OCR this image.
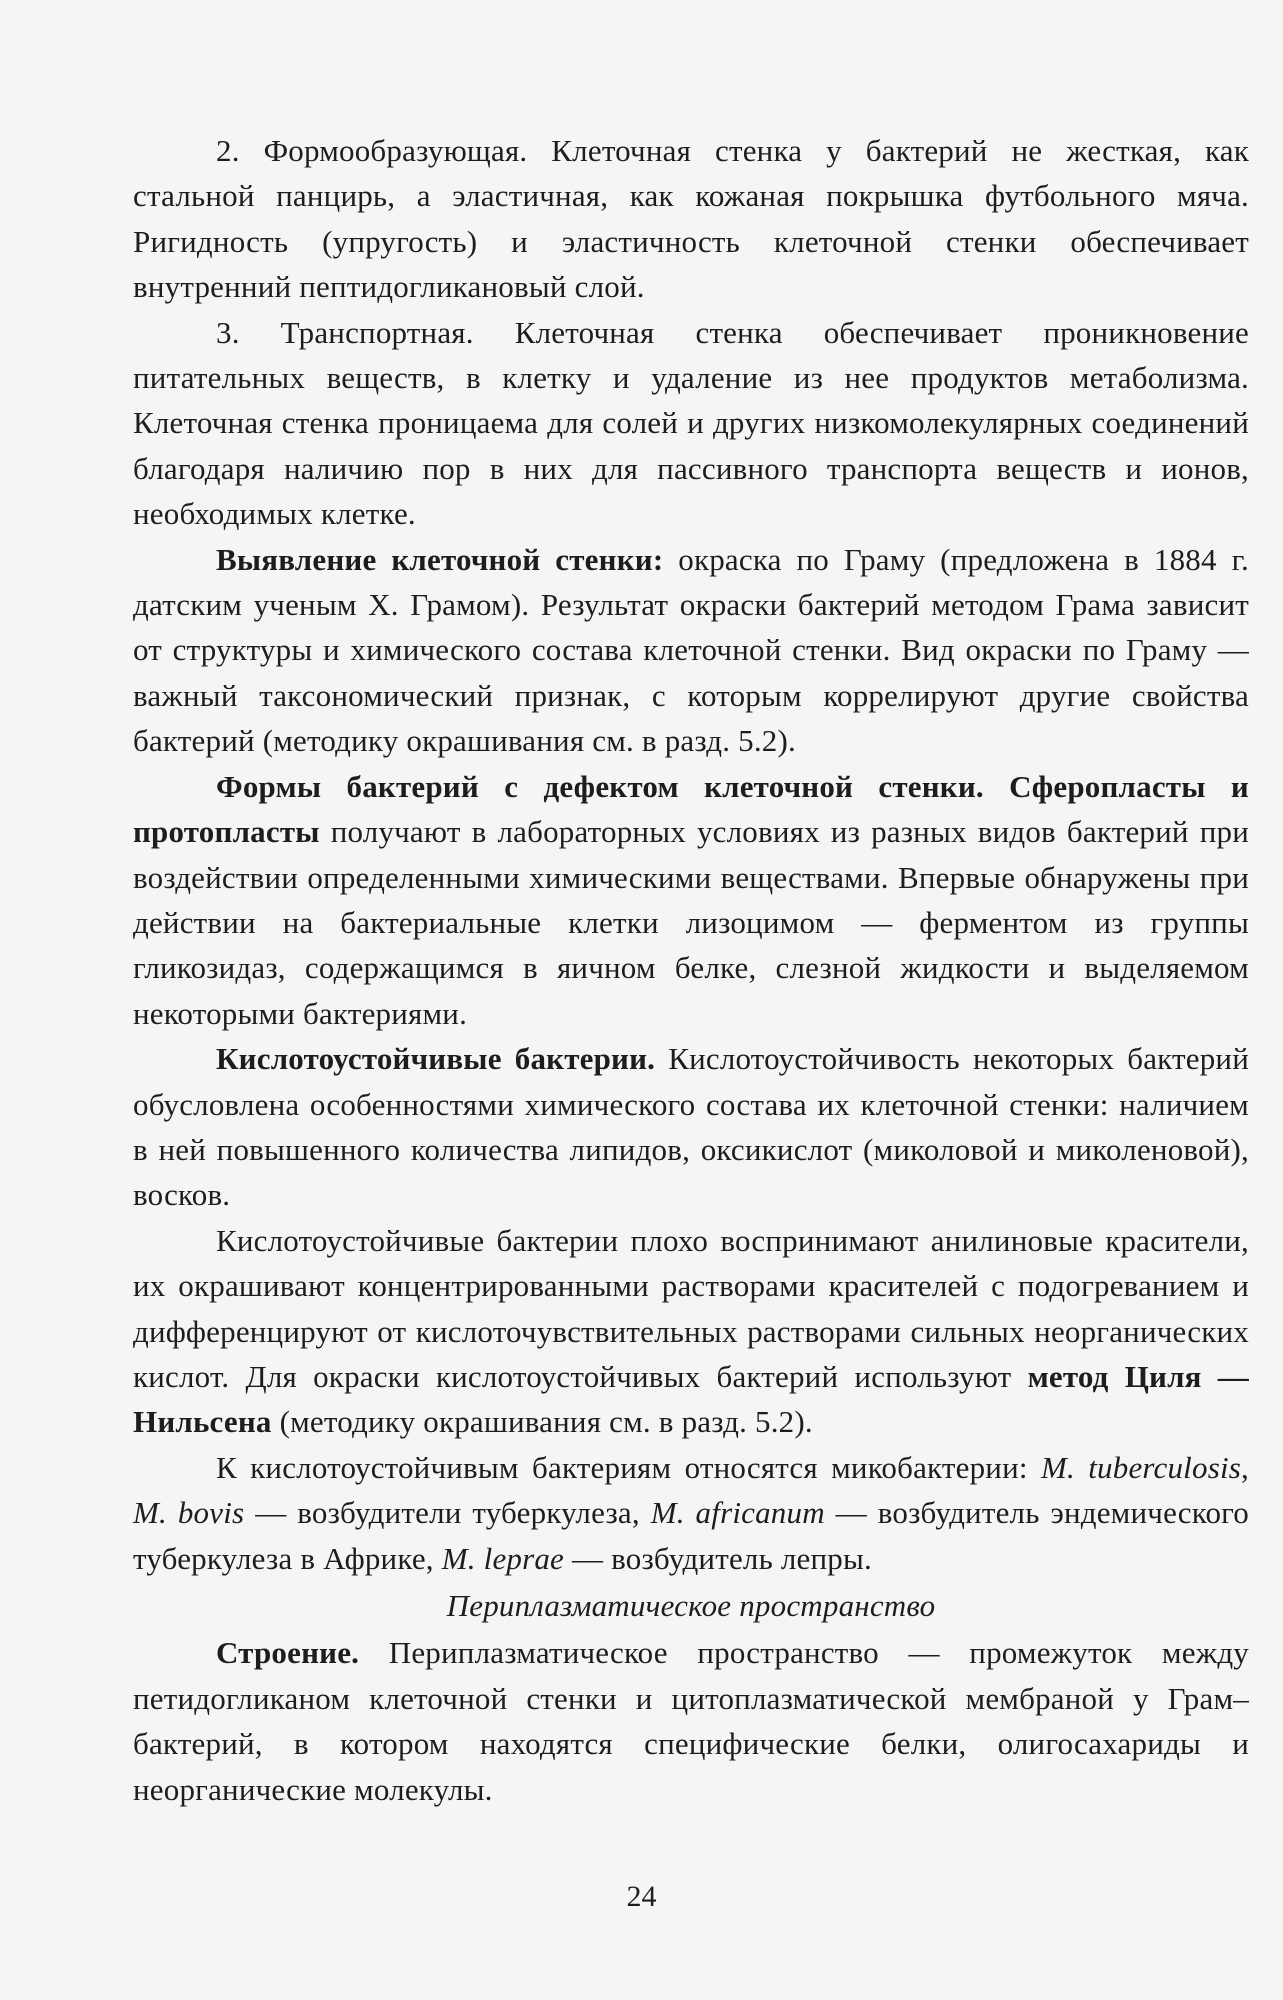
2. Формообразующая. Клеточная стенка у бактерий не жесткая, как стальной панцирь, а эластичная, как кожаная покрышка футбольного мяча. Ригидность (упругость) и эластичность клеточной стенки обеспечивает внутренний пептидогликановый слой.

3. Транспортная. Клеточная стенка обеспечивает проникновение питательных веществ, в клетку и удаление из нее продуктов метаболизма. Клеточная стенка проницаема для солей и других низкомолекулярных соединений благодаря наличию пор в них для пассивного транспорта веществ и ионов, необходимых клетке.

Выявление клеточной стенки: окраска по Граму (предложена в 1884 г. датским ученым X. Грамом). Результат окраски бактерий методом Грама зависит от структуры и химического состава клеточной стенки. Вид окраски по Граму — важный таксономический признак, с которым коррелируют другие свойства бактерий (методику окрашивания см. в разд. 5.2).

Формы бактерий с дефектом клеточной стенки. Сферопласты и протопласты получают в лабораторных условиях из разных видов бактерий при воздействии определенными химическими веществами. Впервые обнаружены при действии на бактериальные клетки лизоцимом — ферментом из группы гликозидаз, содержащимся в яичном белке, слезной жидкости и выделяемом некоторыми бактериями.

Кислотоустойчивые бактерии. Кислотоустойчивость некоторых бактерий обусловлена особенностями химического состава их клеточной стенки: наличием в ней повышенного количества липидов, оксикислот (миколовой и миколеновой), восков.

Кислотоустойчивые бактерии плохо воспринимают анилиновые красители, их окрашивают концентрированными растворами красителей с подогреванием и дифференцируют от кислоточувствительных растворами сильных неорганических кислот. Для окраски кислотоустойчивых бактерий используют метод Циля — Нильсена (методику окрашивания см. в разд. 5.2).

К кислотоустойчивым бактериям относятся микобактерии: M. tuberculosis, M. bovis — возбудители туберкулеза, M. africanum — возбудитель эндемического туберкулеза в Африке, M. leprae — возбудитель лепры.

Периплазматическое пространство

Строение. Периплазматическое пространство — промежуток между петидогликаном клеточной стенки и цитоплазматической мембраной у Грам– бактерий, в котором находятся специфические белки, олигосахариды и неорганические молекулы.

24
